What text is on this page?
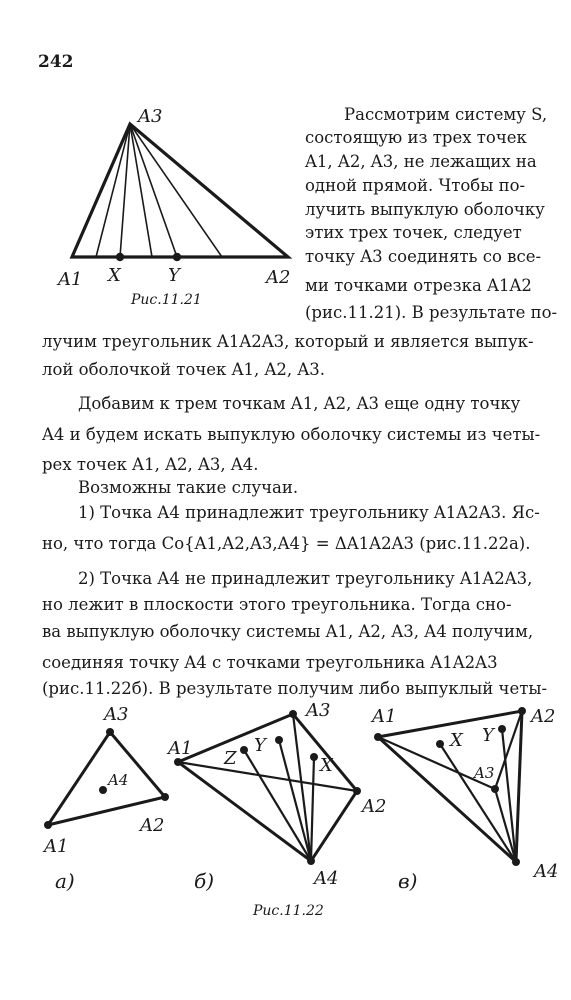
242
A3
A1 X	Y	A2
Рис.11.21
Рассмотрим систему S,
состоящую из трех точек
A1, A2, A3, не лежащих на
одной прямой. Чтобы по-
лучить выпуклую оболочку
этих трех точек, следует
точку A3 соединять со все-
ми точками отрезка A1A2
(рис.11.21). В результате по-
лучим треугольник A1A2A3, который и является выпук-
лой оболочкой точек A1, A2, A3.
Добавим к трем точкам A1, A2, A3 еще одну точку
A4 и будем искать выпуклую оболочку системы из четы-
рех точек A1, A2, A3, A4.
Возможны такие случаи.
1) Точка A4 принадлежит треугольнику A1A2A3. Яс-
но, что тогда Co{A1,A2,A3,A4} = ΔA1A2A3 (рис.11.22а).
2) Точка A4 не принадлежит треугольнику A1A2A3,
но лежит в плоскости этого треугольника. Тогда сно-
ва выпуклую оболочку системы A1, A2, A3, A4 получим,
соединяя точку A4 с точками треугольника A1A2A3
(рис.11.22б). В результате получим либо выпуклый четы-
A3
A4
A2
A1
а)
A1
A3
Z
Y
X
A2
A4
б)
A1	A2
X Y
A3
A4
в)
Рис.11.22
